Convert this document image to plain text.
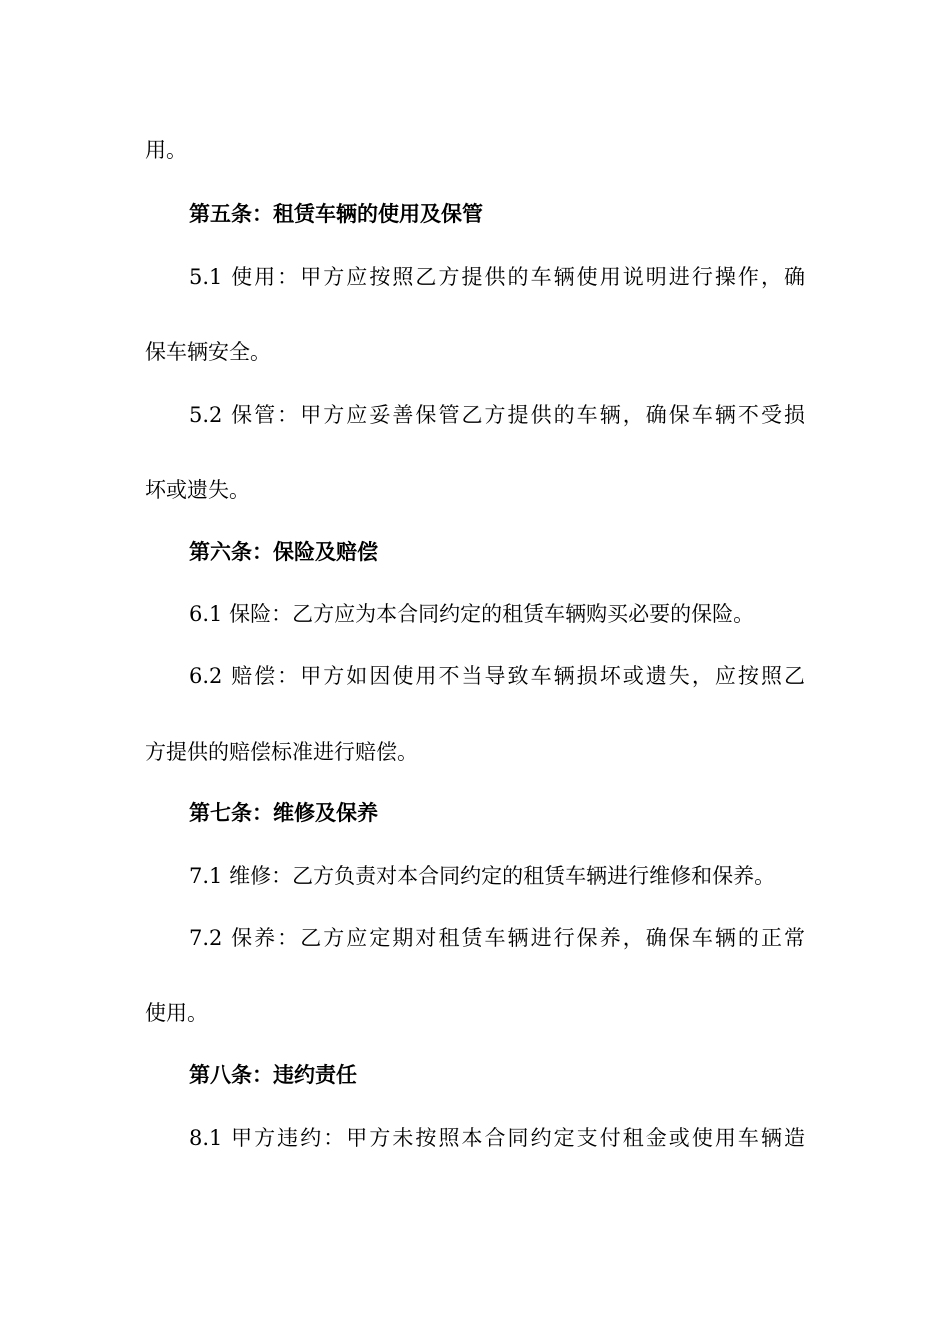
用。
第五条：租赁车辆的使用及保管
5.1 使用：甲方应按照乙方提供的车辆使用说明进行操作，确
保车辆安全。
5.2 保管：甲方应妥善保管乙方提供的车辆，确保车辆不受损
坏或遗失。
第六条：保险及赔偿
6.1 保险：乙方应为本合同约定的租赁车辆购买必要的保险。
6.2 赔偿：甲方如因使用不当导致车辆损坏或遗失，应按照乙
方提供的赔偿标准进行赔偿。
第七条：维修及保养
7.1 维修：乙方负责对本合同约定的租赁车辆进行维修和保养。
7.2 保养：乙方应定期对租赁车辆进行保养，确保车辆的正常
使用。
第八条：违约责任
8.1 甲方违约：甲方未按照本合同约定支付租金或使用车辆造
